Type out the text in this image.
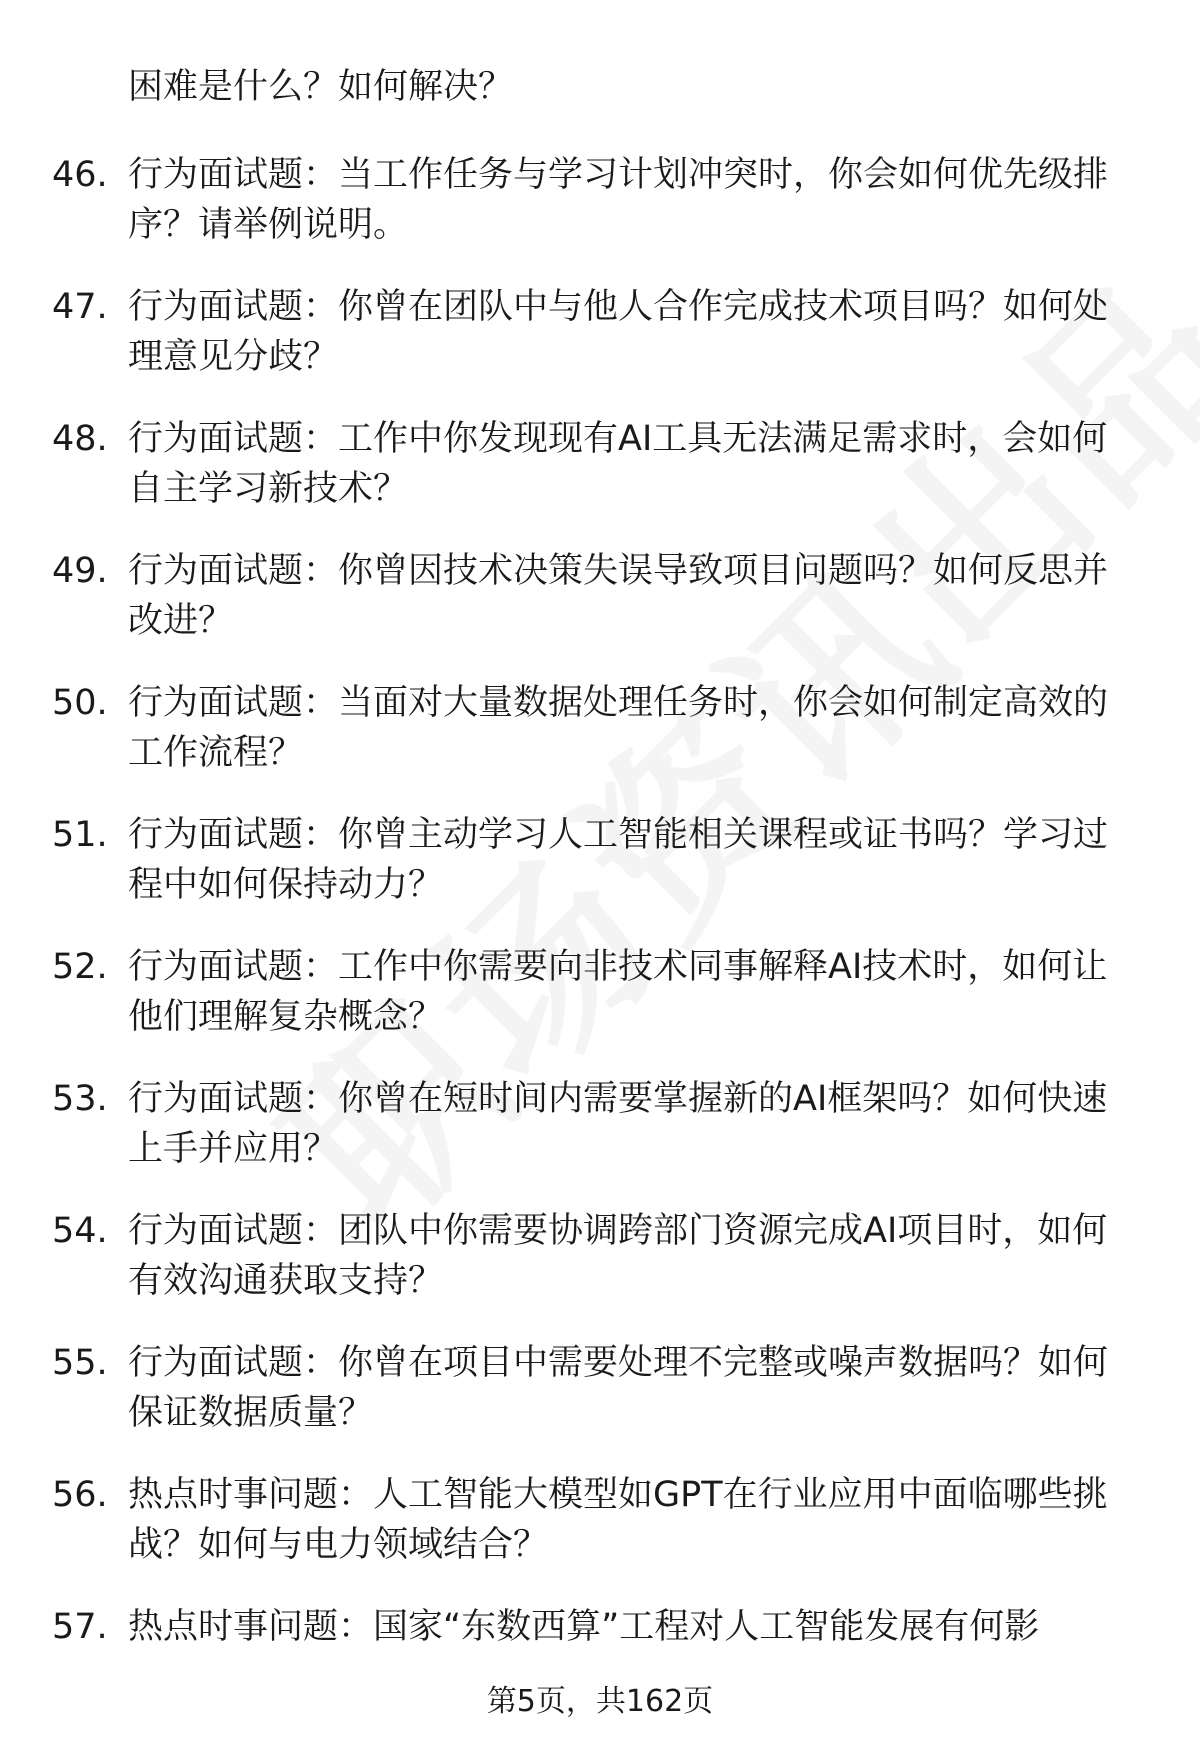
困难是什么？如何解决？
46. 行为面试题：当工作任务与学习计划冲突时，你会如何优先级排序？请举例说明。
47. 行为面试题：你曾在团队中与他人合作完成技术项目吗？如何处理意见分歧？
48. 行为面试题：工作中你发现现有AI工具无法满足需求时，会如何自主学习新技术？
49. 行为面试题：你曾因技术决策失误导致项目问题吗？如何反思并改进？
50. 行为面试题：当面对大量数据处理任务时，你会如何制定高效的工作流程？
51. 行为面试题：你曾主动学习人工智能相关课程或证书吗？学习过程中如何保持动力？
52. 行为面试题：工作中你需要向非技术同事解释AI技术时，如何让他们理解复杂概念？
53. 行为面试题：你曾在短时间内需要掌握新的AI框架吗？如何快速上手并应用？
54. 行为面试题：团队中你需要协调跨部门资源完成AI项目时，如何有效沟通获取支持？
55. 行为面试题：你曾在项目中需要处理不完整或噪声数据吗？如何保证数据质量？
56. 热点时事问题：人工智能大模型如GPT在行业应用中面临哪些挑战？如何与电力领域结合？
57. 热点时事问题：国家“东数西算”工程对人工智能发展有何影
第5页，共162页
